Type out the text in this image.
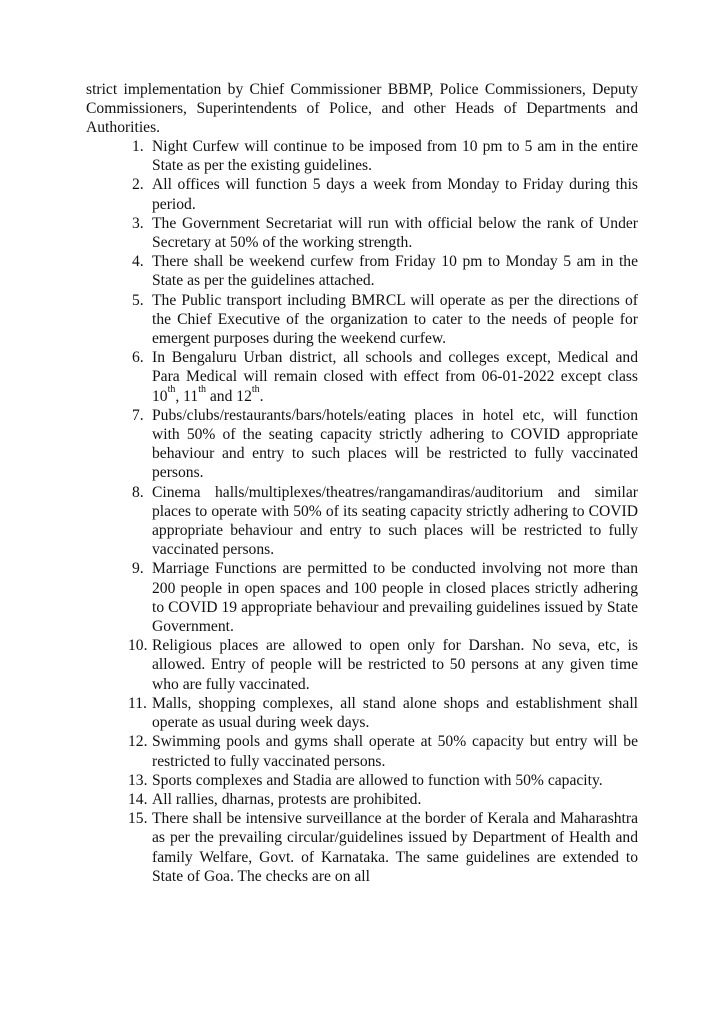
strict implementation by Chief Commissioner BBMP, Police Commissioners, Deputy Commissioners, Superintendents of Police, and other Heads of Departments and Authorities.

1. Night Curfew will continue to be imposed from 10 pm to 5 am in the entire State as per the existing guidelines.
2. All offices will function 5 days a week from Monday to Friday during this period.
3. The Government Secretariat will run with official below the rank of Under Secretary at 50% of the working strength.
4. There shall be weekend curfew from Friday 10 pm to Monday 5 am in the State as per the guidelines attached.
5. The Public transport including BMRCL will operate as per the directions of the Chief Executive of the organization to cater to the needs of people for emergent purposes during the weekend curfew.
6. In Bengaluru Urban district, all schools and colleges except, Medical and Para Medical will remain closed with effect from 06-01-2022 except class 10th, 11th and 12th.
7. Pubs/clubs/restaurants/bars/hotels/eating places in hotel etc, will function with 50% of the seating capacity strictly adhering to COVID appropriate behaviour and entry to such places will be restricted to fully vaccinated persons.
8. Cinema halls/multiplexes/theatres/rangamandiras/auditorium and similar places to operate with 50% of its seating capacity strictly adhering to COVID appropriate behaviour and entry to such places will be restricted to fully vaccinated persons.
9. Marriage Functions are permitted to be conducted involving not more than 200 people in open spaces and 100 people in closed places strictly adhering to COVID 19 appropriate behaviour and prevailing guidelines issued by State Government.
10. Religious places are allowed to open only for Darshan. No seva, etc, is allowed. Entry of people will be restricted to 50 persons at any given time who are fully vaccinated.
11. Malls, shopping complexes, all stand alone shops and establishment shall operate as usual during week days.
12. Swimming pools and gyms shall operate at 50% capacity but entry will be restricted to fully vaccinated persons.
13. Sports complexes and Stadia are allowed to function with 50% capacity.
14. All rallies, dharnas, protests are prohibited.
15. There shall be intensive surveillance at the border of Kerala and Maharashtra as per the prevailing circular/guidelines issued by Department of Health and family Welfare, Govt. of Karnataka. The same guidelines are extended to State of Goa. The checks are on all
